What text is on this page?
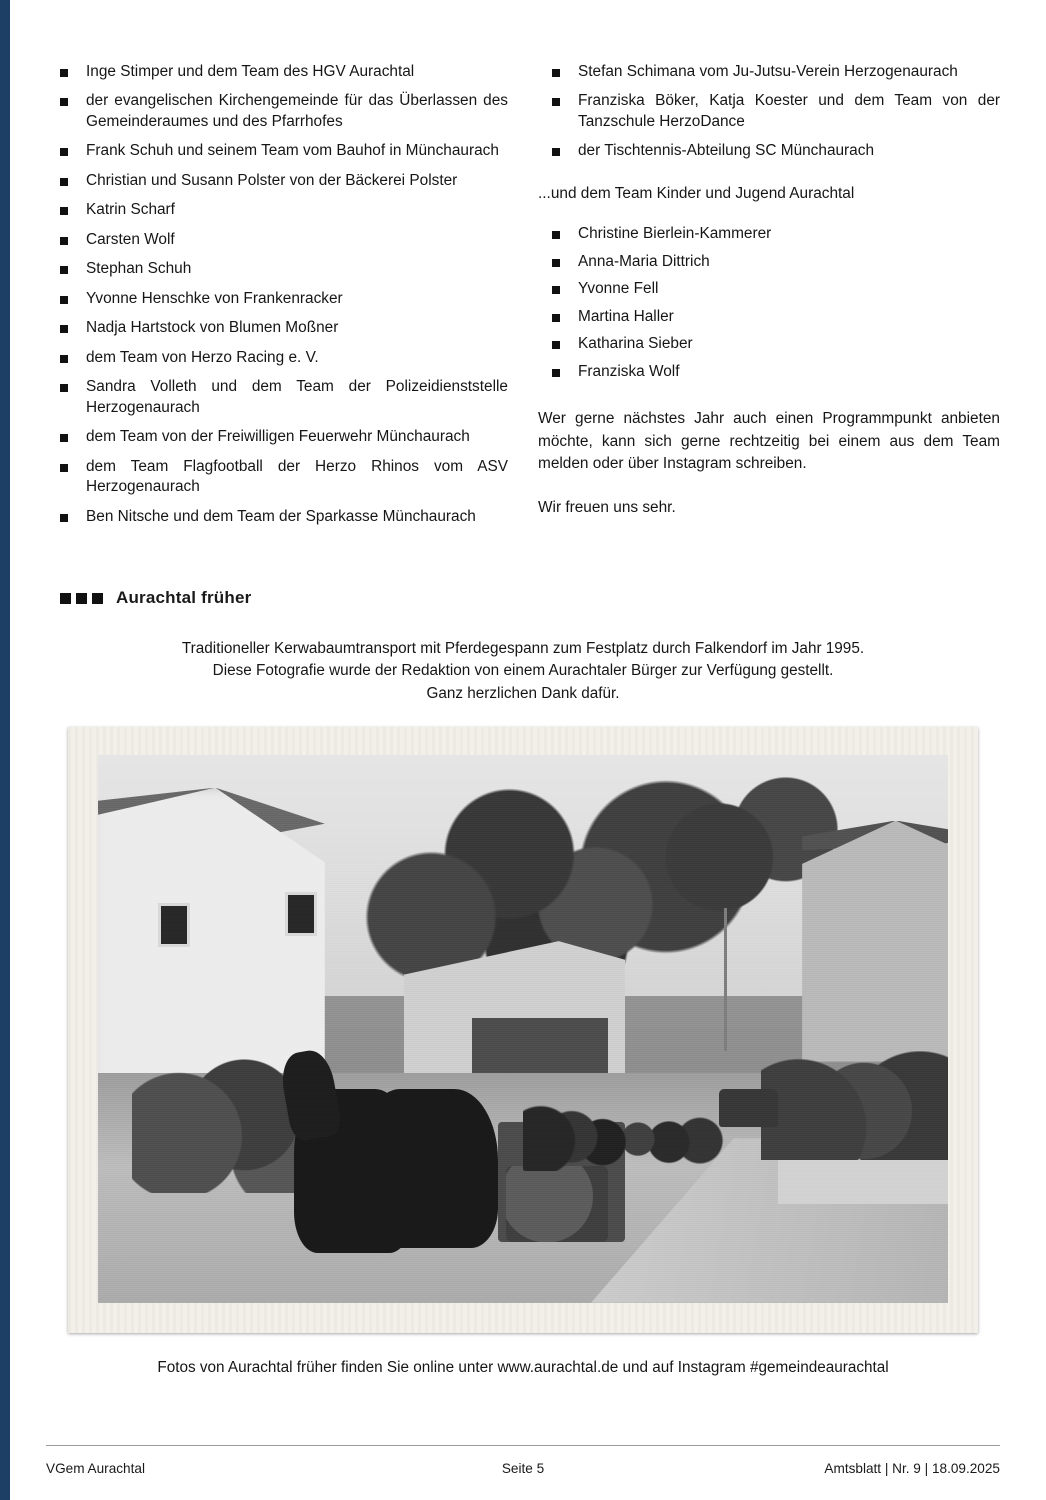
Inge Stimper und dem Team des HGV Aurachtal
der evangelischen Kirchengemeinde für das Überlassen des Gemeinderaumes und des Pfarrhofes
Frank Schuh und seinem Team vom Bauhof in Münchaurach
Christian und Susann Polster von der Bäckerei Polster
Katrin Scharf
Carsten Wolf
Stephan Schuh
Yvonne Henschke von Frankenracker
Nadja Hartstock von Blumen Moßner
dem Team von Herzo Racing e. V.
Sandra Volleth und dem Team der Polizeidienststelle Herzogenaurach
dem Team von der Freiwilligen Feuerwehr Münchaurach
dem Team Flagfootball der Herzo Rhinos vom ASV Herzogenaurach
Ben Nitsche und dem Team der Sparkasse Münchaurach
Stefan Schimana vom Ju-Jutsu-Verein Herzogenaurach
Franziska Böker, Katja Koester und dem Team von der Tanzschule HerzoDance
der Tischtennis-Abteilung SC Münchaurach
...und dem Team Kinder und Jugend Aurachtal
Christine Bierlein-Kammerer
Anna-Maria Dittrich
Yvonne Fell
Martina Haller
Katharina Sieber
Franziska Wolf

Wer gerne nächstes Jahr auch einen Programmpunkt anbieten möchte, kann sich gerne rechtzeitig bei einem aus dem Team melden oder über Instagram schreiben.

Wir freuen uns sehr.

Aurachtal früher
Traditioneller Kerwabaumtransport mit Pferdegespann zum Festplatz durch Falkendorf im Jahr 1995.
Diese Fotografie wurde der Redaktion von einem Aurachtaler Bürger zur Verfügung gestellt.
Ganz herzlichen Dank dafür.
Fotos von Aurachtal früher finden Sie online unter www.aurachtal.de und auf Instagram #gemeindeaurachtal
VGem Aurachtal	Seite 5	Amtsblatt | Nr. 9 | 18.09.2025
